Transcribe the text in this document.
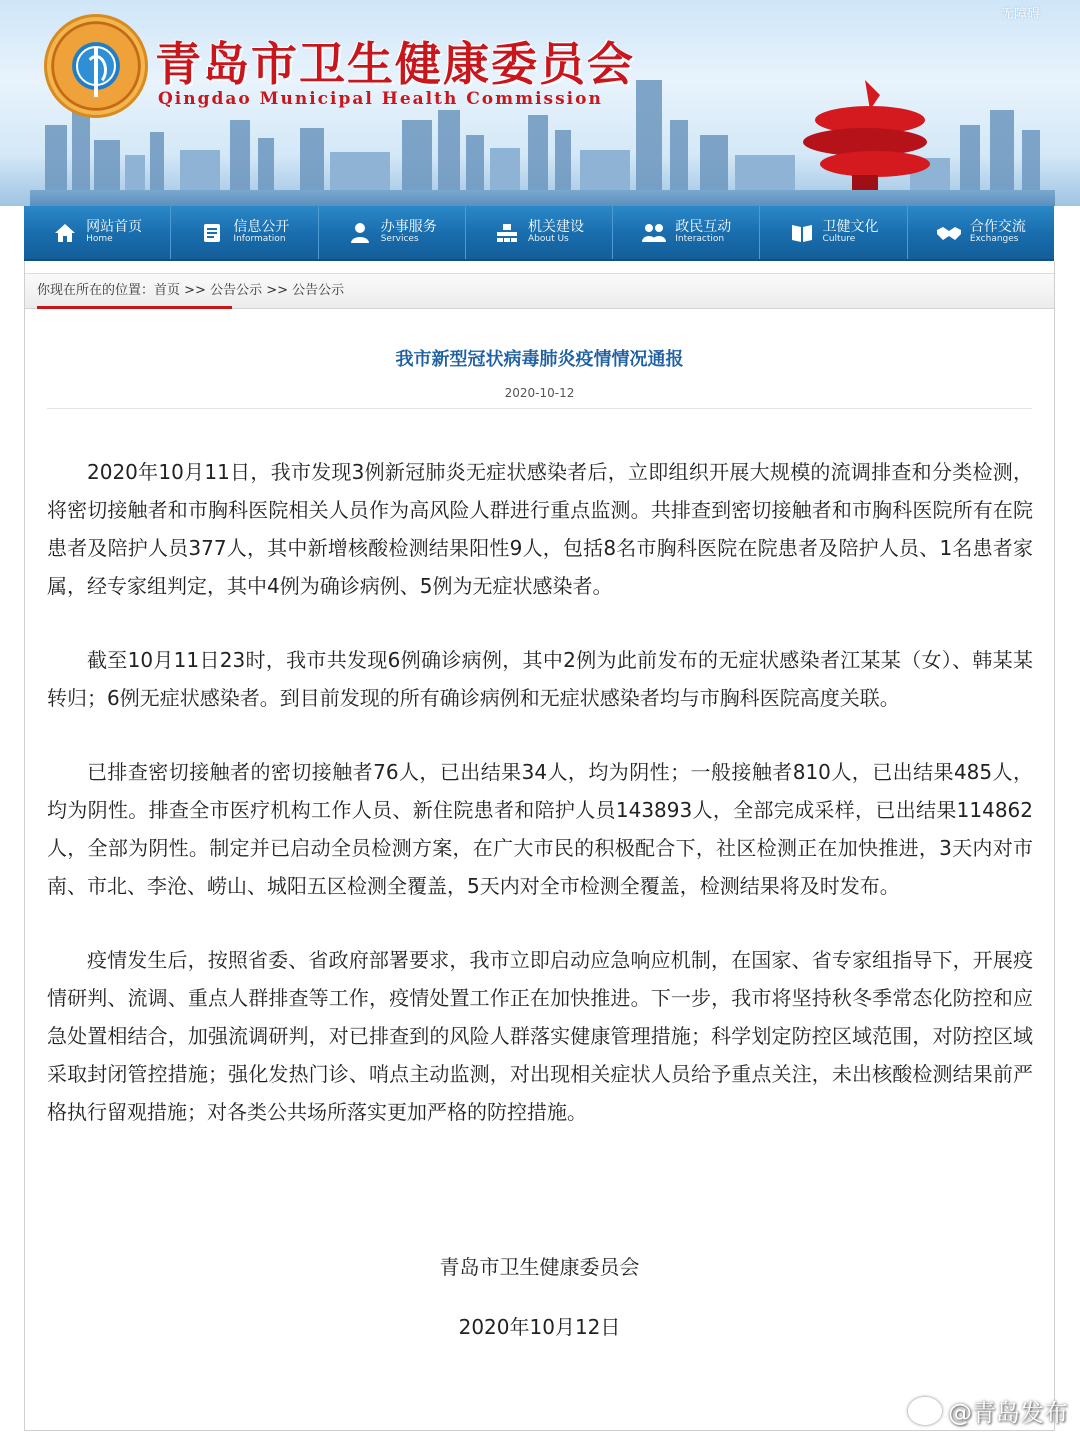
青岛市卫生健康委员会
Qingdao Municipal Health Commission
无障碍
网站首页
Home
信息公开
Information
办事服务
Services
机关建设
About Us
政民互动
Interaction
卫健文化
Culture
合作交流
Exchanges
你现在所在的位置：首页 >> 公告公示 >> 公告公示
我市新型冠状病毒肺炎疫情情况通报
2020-10-12

2020年10月11日，我市发现3例新冠肺炎无症状感染者后，立即组织开展大规模的流调排查和分类检测，将密切接触者和市胸科医院相关人员作为高风险人群进行重点监测。共排查到密切接触者和市胸科医院所有在院患者及陪护人员377人，其中新增核酸检测结果阳性9人，包括8名市胸科医院在院患者及陪护人员、1名患者家属，经专家组判定，其中4例为确诊病例、5例为无症状感染者。

截至10月11日23时，我市共发现6例确诊病例，其中2例为此前发布的无症状感染者江某某（女）、韩某某转归；6例无症状感染者。到目前发现的所有确诊病例和无症状感染者均与市胸科医院高度关联。

已排查密切接触者的密切接触者76人，已出结果34人，均为阴性；一般接触者810人，已出结果485人，均为阴性。排查全市医疗机构工作人员、新住院患者和陪护人员143893人，全部完成采样，已出结果114862人，全部为阴性。制定并已启动全员检测方案，在广大市民的积极配合下，社区检测正在加快推进，3天内对市南、市北、李沧、崂山、城阳五区检测全覆盖，5天内对全市检测全覆盖，检测结果将及时发布。

疫情发生后，按照省委、省政府部署要求，我市立即启动应急响应机制，在国家、省专家组指导下，开展疫情研判、流调、重点人群排查等工作，疫情处置工作正在加快推进。下一步，我市将坚持秋冬季常态化防控和应急处置相结合，加强流调研判，对已排查到的风险人群落实健康管理措施；科学划定防控区域范围，对防控区域采取封闭管控措施；强化发热门诊、哨点主动监测，对出现相关症状人员给予重点关注，未出核酸检测结果前严格执行留观措施；对各类公共场所落实更加严格的防控措施。

青岛市卫生健康委员会
2020年10月12日
@青岛发布
